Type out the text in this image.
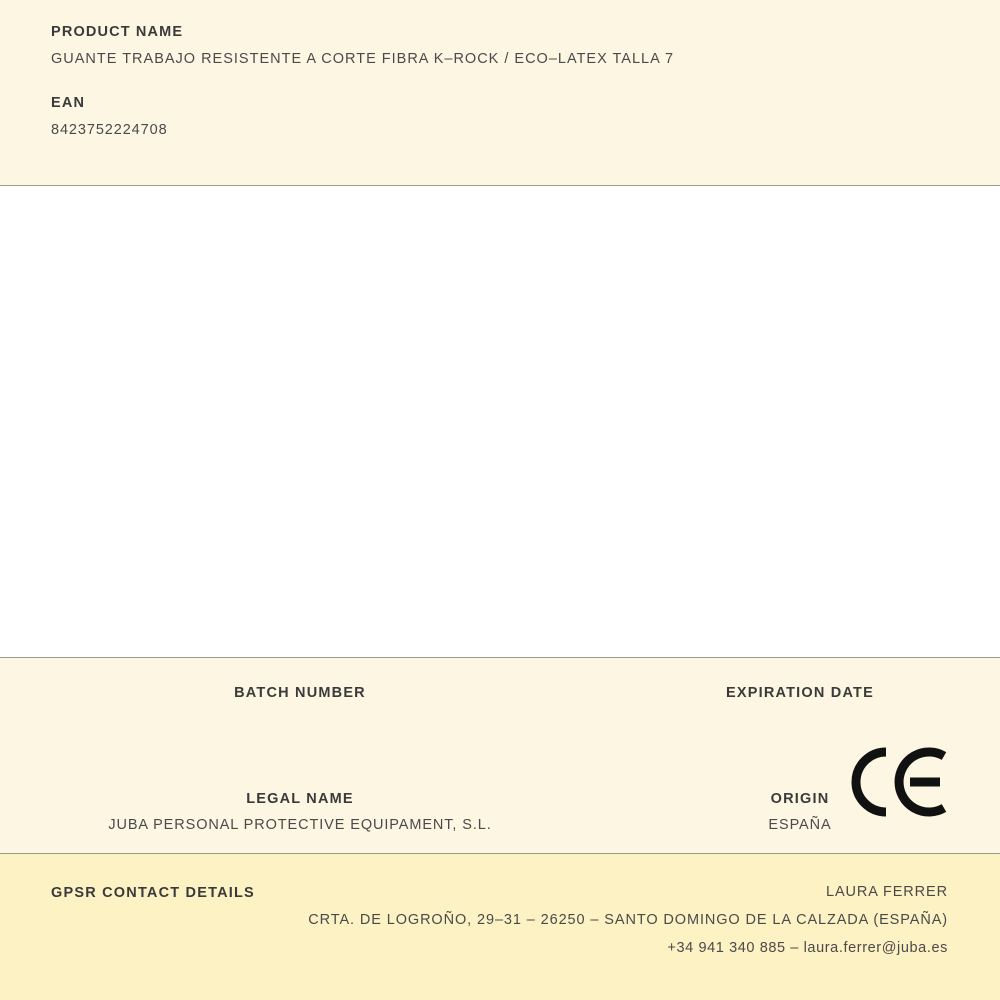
PRODUCT NAME

GUANTE TRABAJO RESISTENTE A CORTE FIBRA K–ROCK / ECO–LATEX TALLA 7

EAN

8423752224708

BATCH NUMBER	EXPIRATION DATE

LEGAL NAME

JUBA PERSONAL PROTECTIVE EQUIPAMENT, S.L.

ORIGIN

ESPAÑA

GPSR CONTACT DETAILS	LAURA FERRER

CRTA. DE LOGROÑO, 29–31 – 26250 – SANTO DOMINGO DE LA CALZADA (ESPAÑA)

+34 941 340 885 – laura.ferrer@juba.es
